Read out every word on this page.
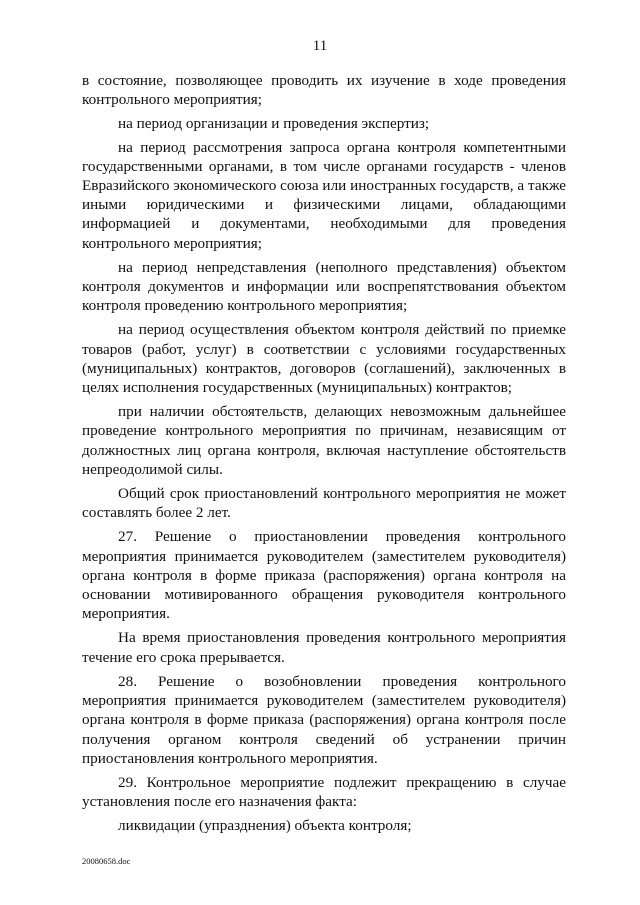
11

в состояние, позволяющее проводить их изучение в ходе проведения контрольного мероприятия;

на период организации и проведения экспертиз;

на период рассмотрения запроса органа контроля компетентными государственными органами, в том числе органами государств - членов Евразийского экономического союза или иностранных государств, а также иными юридическими и физическими лицами, обладающими информацией и документами, необходимыми для проведения контрольного мероприятия;

на период непредставления (неполного представления) объектом контроля документов и информации или воспрепятствования объектом контроля проведению контрольного мероприятия;

на период осуществления объектом контроля действий по приемке товаров (работ, услуг) в соответствии с условиями государственных (муниципальных) контрактов, договоров (соглашений), заключенных в целях исполнения государственных (муниципальных) контрактов;

при наличии обстоятельств, делающих невозможным дальнейшее проведение контрольного мероприятия по причинам, независящим от должностных лиц органа контроля, включая наступление обстоятельств непреодолимой силы.

Общий срок приостановлений контрольного мероприятия не может составлять более 2 лет.

27. Решение о приостановлении проведения контрольного мероприятия принимается руководителем (заместителем руководителя) органа контроля в форме приказа (распоряжения) органа контроля на основании мотивированного обращения руководителя контрольного мероприятия.

На время приостановления проведения контрольного мероприятия течение его срока прерывается.

28. Решение о возобновлении проведения контрольного мероприятия принимается руководителем (заместителем руководителя) органа контроля в форме приказа (распоряжения) органа контроля после получения органом контроля сведений об устранении причин приостановления контрольного мероприятия.

29. Контрольное мероприятие подлежит прекращению в случае установления после его назначения факта:

ликвидации (упразднения) объекта контроля;

20080658.doc
